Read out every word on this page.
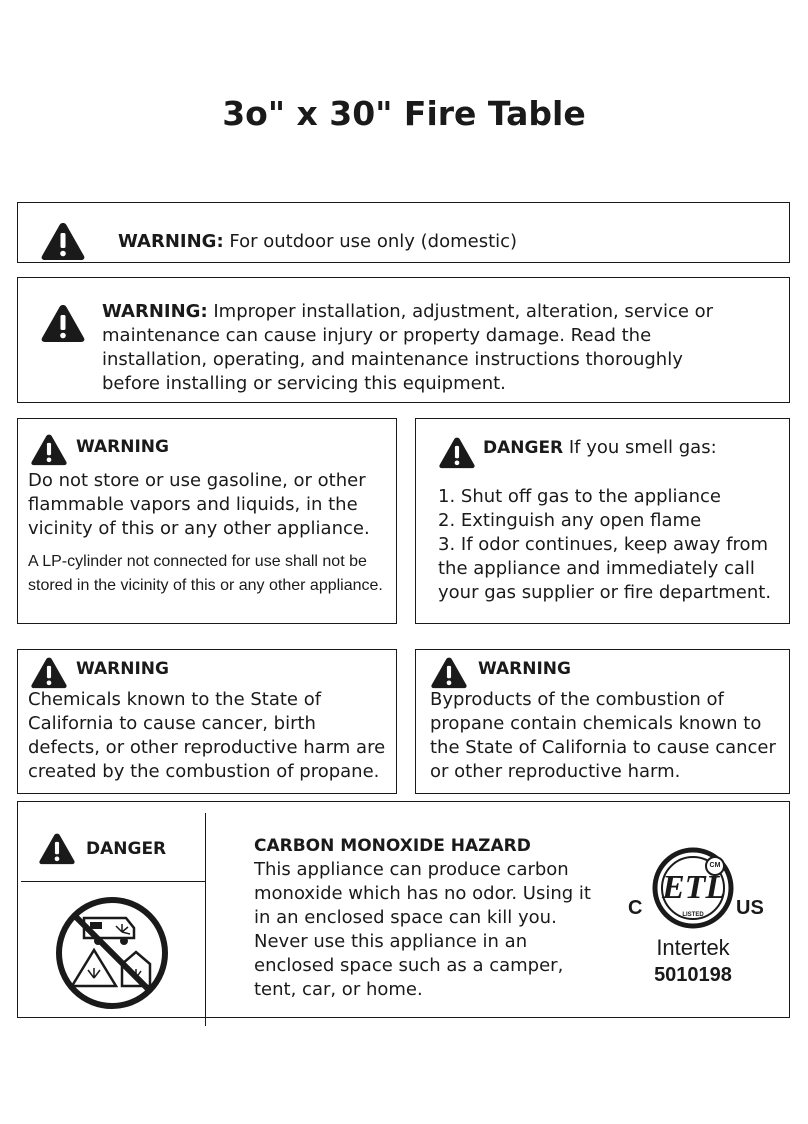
3o" x 30" Fire Table

WARNING: For outdoor use only (domestic)

WARNING: Improper installation, adjustment, alteration, service or maintenance can cause injury or property damage. Read the installation, operating, and maintenance instructions thoroughly before installing or servicing this equipment.

WARNING

Do not store or use gasoline, or other flammable vapors and liquids, in the vicinity of this or any other appliance.

A LP-cylinder not connected for use shall not be stored in the vicinity of this or any other appliance.

DANGER If you smell gas:

1. Shut off gas to the appliance

2. Extinguish any open flame

3. If odor continues, keep away from the appliance and immediately call your gas supplier or fire department.

WARNING

Chemicals known to the State of California to cause cancer, birth defects, or other reproductive harm are created by the combustion of propane.

WARNING

Byproducts of the combustion of propane contain chemicals known to the State of California to cause cancer or other reproductive harm.

DANGER	CARBON MONOXIDE HAZARD

This appliance can produce carbon monoxide which has no odor. Using it in an enclosed space can kill you. Never use this appliance in an enclosed space such as a camper, tent, car, or home.

ETL
CM
LISTED
C	US
Intertek
5010198
